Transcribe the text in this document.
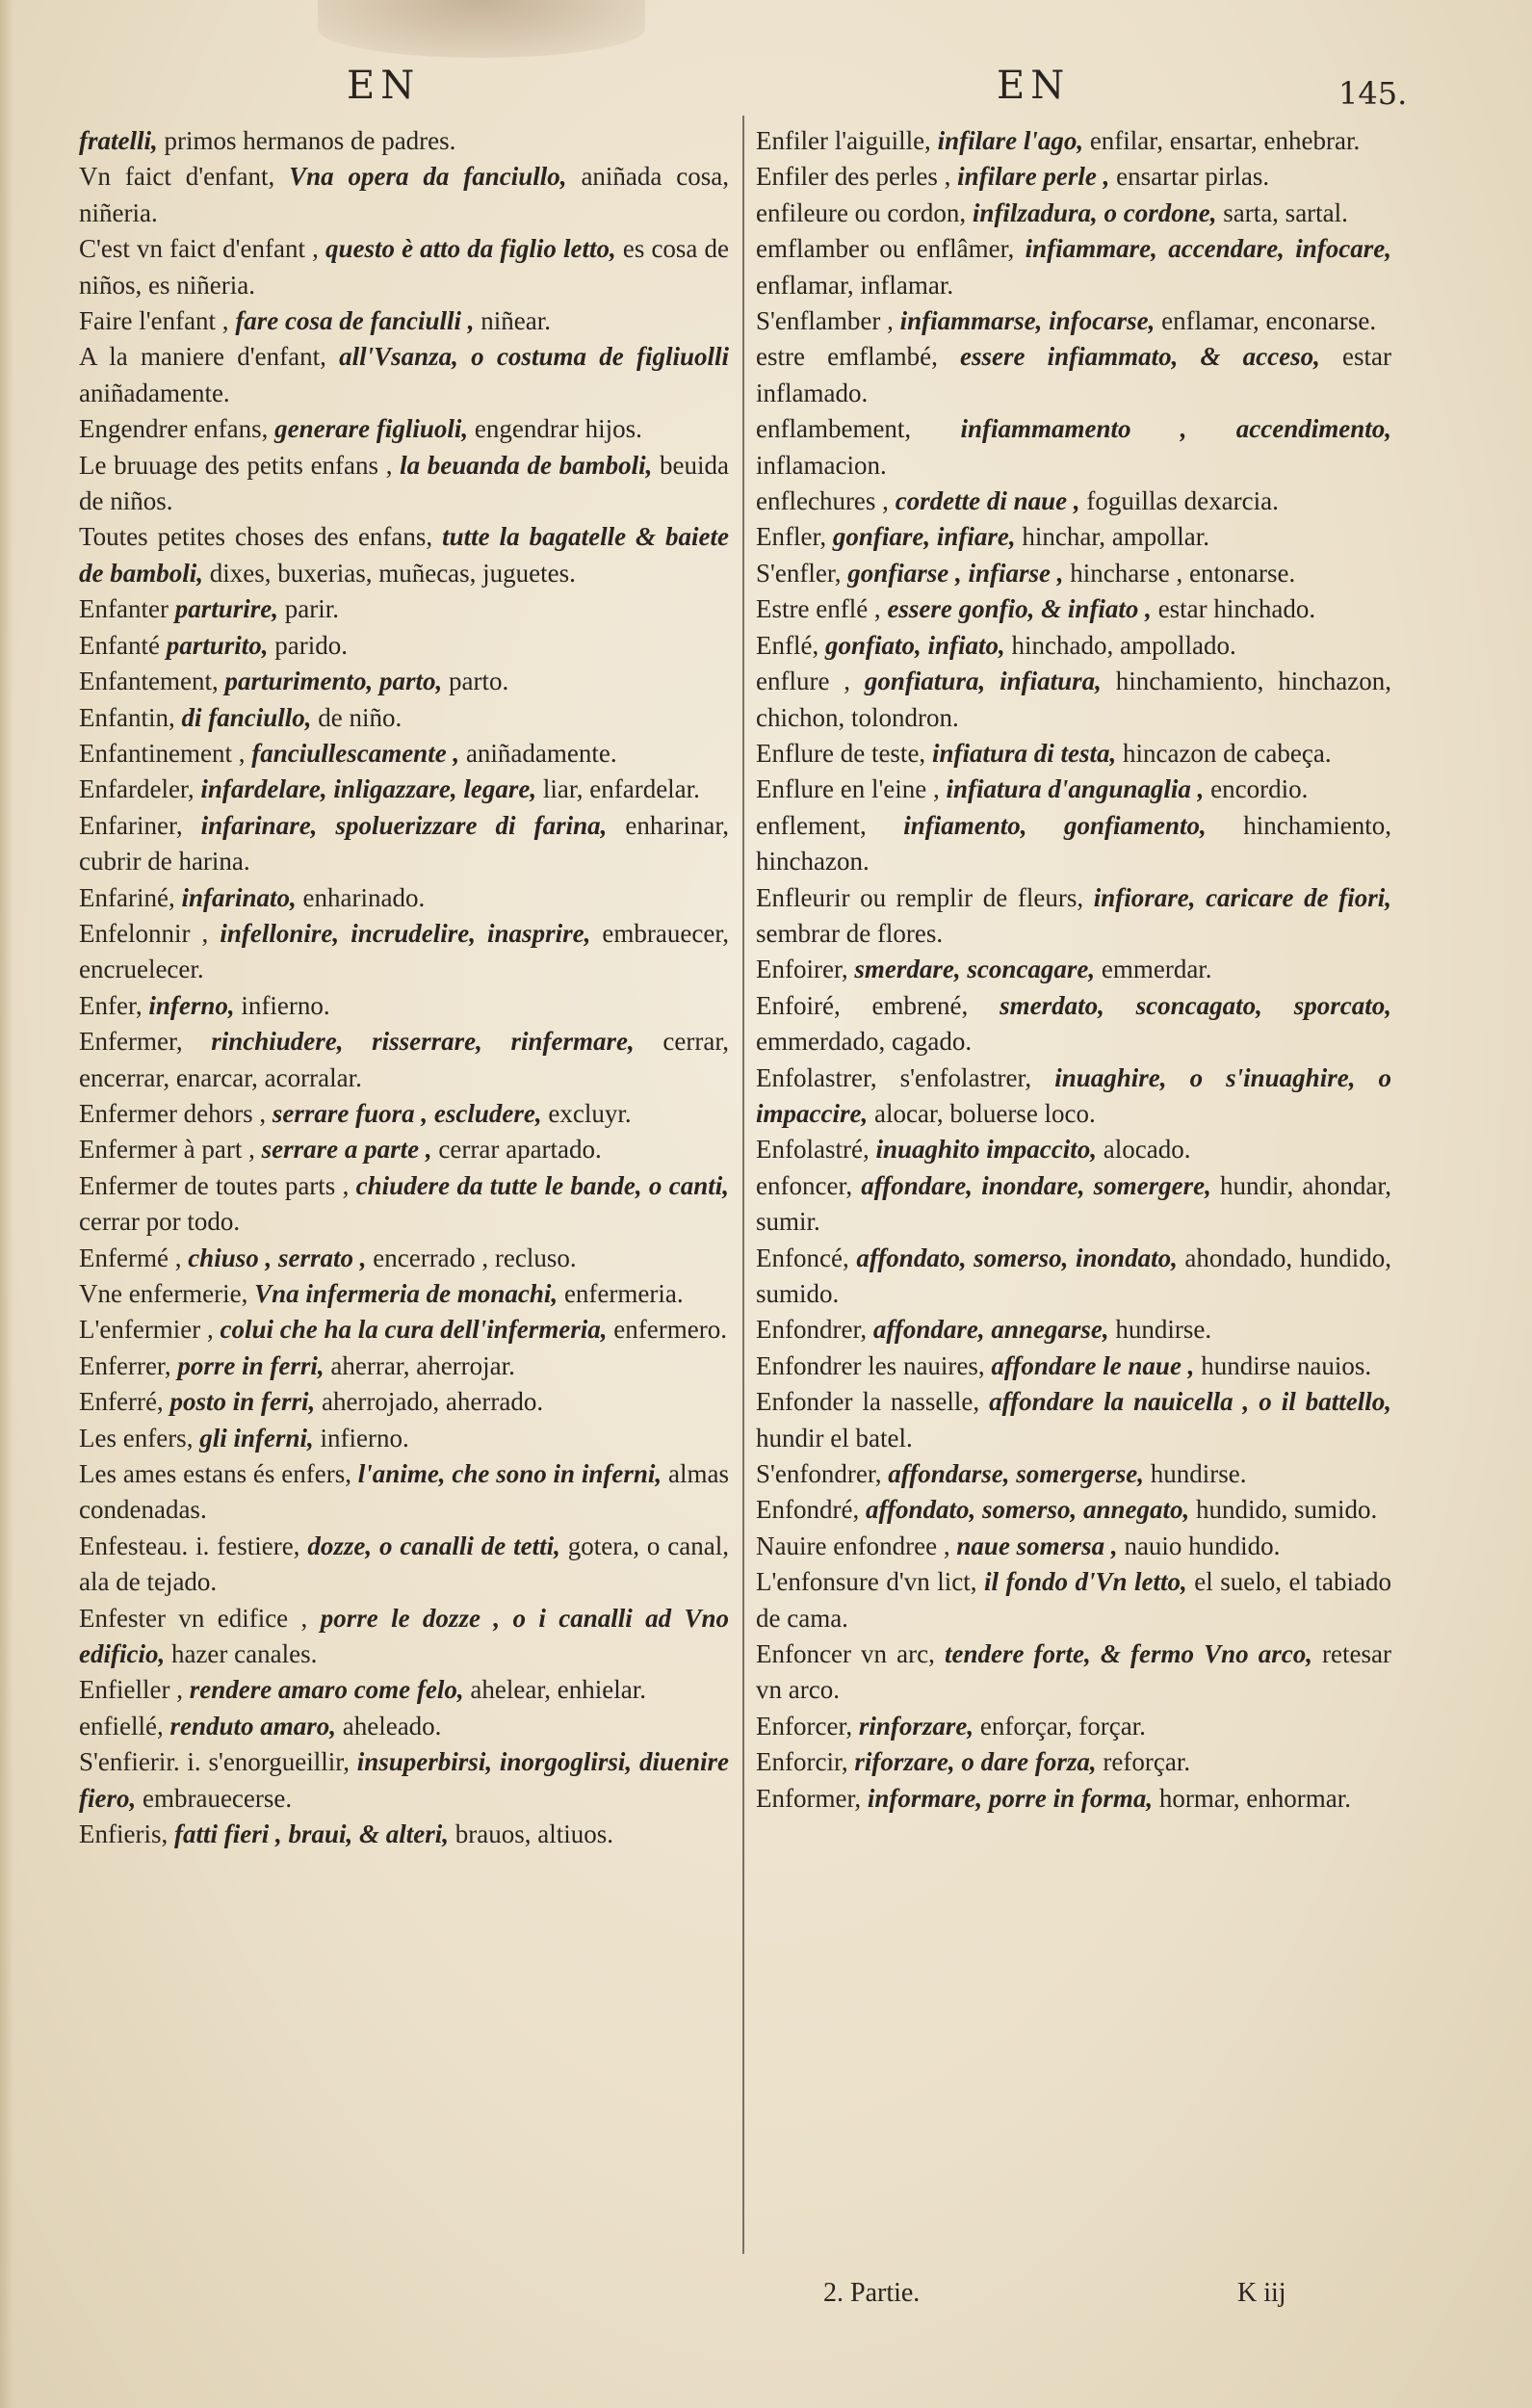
EN	EN	145.

fratelli, primos hermanos de padres.

Vn faict d'enfant, Vna opera da fanciullo, aniñada cosa, niñeria.

C'est vn faict d'enfant , questo è atto da figlio letto, es cosa de niños, es niñeria.

Faire l'enfant , fare cosa de fanciulli , niñear.

A la maniere d'enfant, all'Vsanza, o costuma de figliuolli aniñadamente.

Engendrer enfans, generare figliuoli, engendrar hijos.

Le bruuage des petits enfans , la beuanda de bamboli, beuida de niños.

Toutes petites choses des enfans, tutte la bagatelle & baiete de bamboli, dixes, buxerias, muñecas, juguetes.

Enfanter parturire, parir.

Enfanté parturito, parido.

Enfantement, parturimento, parto, parto.

Enfantin, di fanciullo, de niño.

Enfantinement , fanciullescamente , aniñadamente.

Enfardeler, infardelare, inligazzare, legare, liar, enfardelar.

Enfariner, infarinare, spoluerizzare di farina, enharinar, cubrir de harina.

Enfariné, infarinato, enharinado.

Enfelonnir , infellonire, incrudelire, inasprire, embrauecer, encruelecer.

Enfer, inferno, infierno.

Enfermer, rinchiudere, risserrare, rinfermare, cerrar, encerrar, enarcar, acorralar.

Enfermer dehors , serrare fuora , escludere, excluyr.

Enfermer à part , serrare a parte , cerrar apartado.

Enfermer de toutes parts , chiudere da tutte le bande, o canti, cerrar por todo.

Enfermé , chiuso , serrato , encerrado , recluso.

Vne enfermerie, Vna infermeria de monachi, enfermeria.

L'enfermier , colui che ha la cura dell'infermeria, enfermero.

Enferrer, porre in ferri, aherrar, aherrojar.

Enferré, posto in ferri, aherrojado, aherrado.

Les enfers, gli inferni, infierno.

Les ames estans és enfers, l'anime, che sono in inferni, almas condenadas.

Enfesteau. i. festiere, dozze, o canalli de tetti, gotera, o canal, ala de tejado.

Enfester vn edifice , porre le dozze , o i canalli ad Vno edificio, hazer canales.

Enfieller , rendere amaro come felo, ahelear, enhielar.

enfiellé, renduto amaro, aheleado.

S'enfierir. i. s'enorgueillir, insuperbirsi, inorgoglirsi, diuenire fiero, embrauecerse.

Enfieris, fatti fieri , braui, & alteri, brauos, altiuos.

Enfiler l'aiguille, infilare l'ago, enfilar, ensartar, enhebrar.

Enfiler des perles , infilare perle , ensartar pirlas.

enfileure ou cordon, infilzadura, o cordone, sarta, sartal.

emflamber ou enflâmer, infiammare, accendare, infocare, enflamar, inflamar.

S'enflamber , infiammarse, infocarse, enflamar, enconarse.

estre emflambé, essere infiammato, & acceso, estar inflamado.

enflambement, infiammamento , accendimento, inflamacion.

enflechures , cordette di naue , foguillas dexarcia.

Enfler, gonfiare, infiare, hinchar, ampollar.

S'enfler, gonfiarse , infiarse , hincharse , entonarse.

Estre enflé , essere gonfio, & infiato , estar hinchado.

Enflé, gonfiato, infiato, hinchado, ampollado.

enflure , gonfiatura, infiatura, hinchamiento, hinchazon, chichon, tolondron.

Enflure de teste, infiatura di testa, hincazon de cabeça.

Enflure en l'eine , infiatura d'angunaglia , encordio.

enflement, infiamento, gonfiamento, hinchamiento, hinchazon.

Enfleurir ou remplir de fleurs, infiorare, caricare de fiori, sembrar de flores.

Enfoirer, smerdare, sconcagare, emmerdar.

Enfoiré, embrené, smerdato, sconcagato, sporcato, emmerdado, cagado.

Enfolastrer, s'enfolastrer, inuaghire, o s'inuaghire, o impaccire, alocar, boluerse loco.

Enfolastré, inuaghito impaccito, alocado.

enfoncer, affondare, inondare, somergere, hundir, ahondar, sumir.

Enfoncé, affondato, somerso, inondato, ahondado, hundido, sumido.

Enfondrer, affondare, annegarse, hundirse.

Enfondrer les nauires, affondare le naue , hundirse nauios.

Enfonder la nasselle, affondare la nauicella , o il battello, hundir el batel.

S'enfondrer, affondarse, somergerse, hundirse.

Enfondré, affondato, somerso, annegato, hundido, sumido.

Nauire enfondree , naue somersa , nauio hundido.

L'enfonsure d'vn lict, il fondo d'Vn letto, el suelo, el tabiado de cama.

Enfoncer vn arc, tendere forte, & fermo Vno arco, retesar vn arco.

Enforcer, rinforzare, enforçar, forçar.

Enforcir, riforzare, o dare forza, reforçar.

Enformer, informare, porre in forma, hormar, enhormar.

2. Partie.	K iij
